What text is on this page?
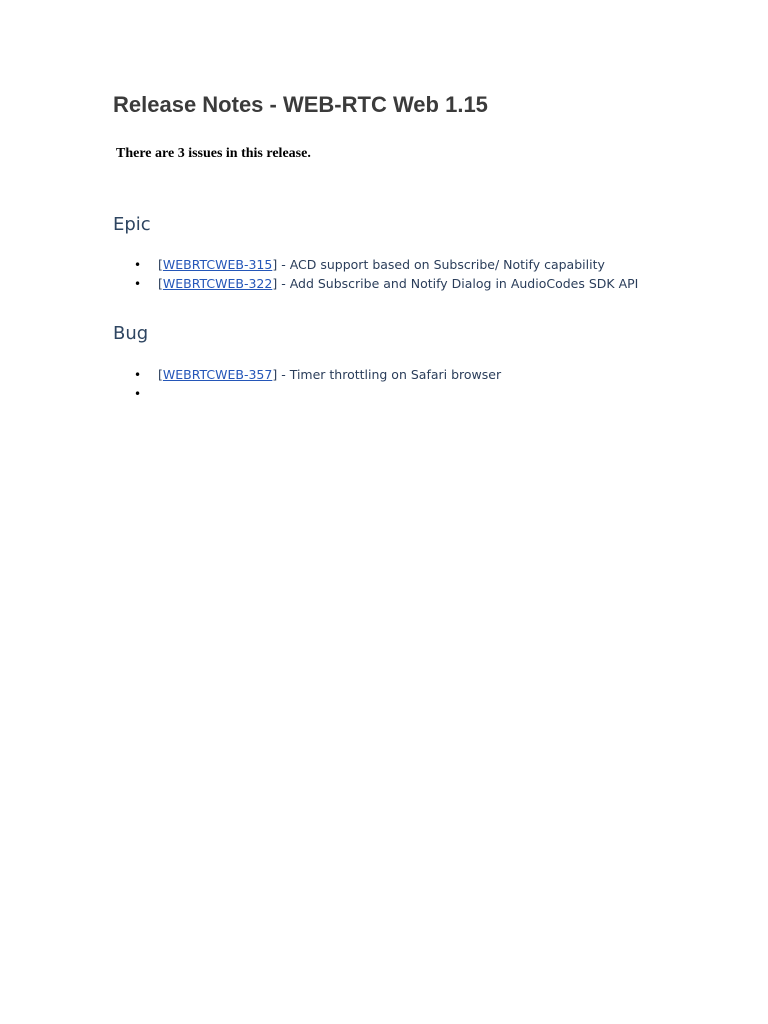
Release Notes - WEB-RTC Web 1.15

There are 3 issues in this release.

Epic
• [WEBRTCWEB-315] - ACD support based on Subscribe/ Notify capability
• [WEBRTCWEB-322] - Add Subscribe and Notify Dialog in AudioCodes SDK API
Bug
• [WEBRTCWEB-357] - Timer throttling on Safari browser
•
